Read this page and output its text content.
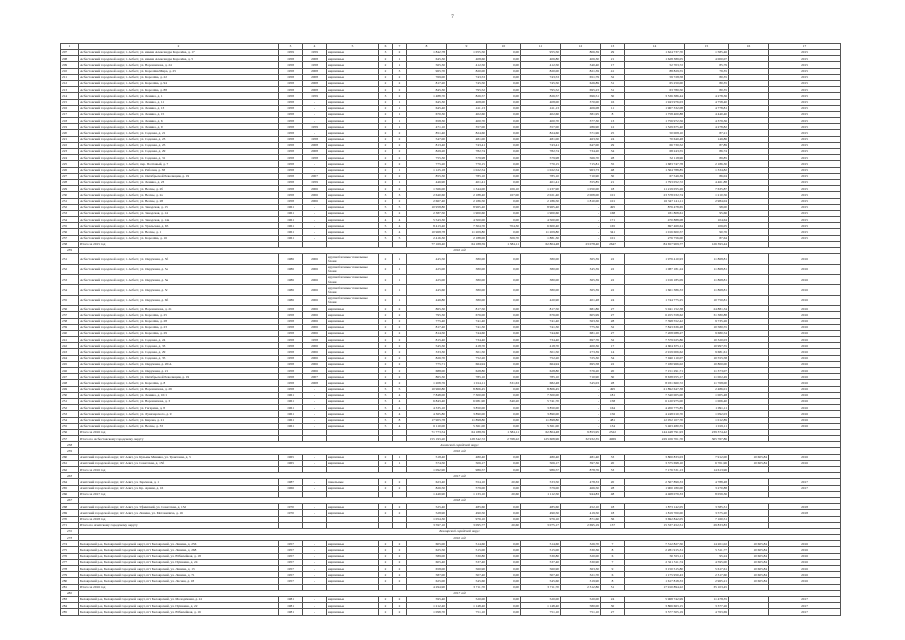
7
1	2	3	4	5	6	7	8	9	10	11	12	13	14	15	16	17
207	Асбестовский городской округ, г. Асбест, ул. имени Александра Королёва, д. 17	1959	1959	кирпичные	3	2	1 842,78	1 055,50	0,00	955,50	806,39	29	1 624 737,70	1 585,46		2015
208	Асбестовский городской округ, г. Асбест, ул. имени Александра Королёва, д. 5	1958	2008	кирпичные	2	1	645,30	408,60	0,00	406,80	406,30	21	1 628 389,05	4 000,07		2015
209	Асбестовский городской округ, г. Асбест, ул. Ворошилова, д. 24	1958	1958	кирпичные	2	1	565,30	412,50	0,00	412,50	340,40	17	52 703,72	85,79		2015
210	Асбестовский городской округ, г. Асбест, ул. Королёва/Мира, д. 25	1958	2008	кирпичные	2	3	965,70	820,00	0,00	820,00	821,39	41	88 829,55	79,35		2015
211	Асбестовский городской округ, г. Асбест, ул. Королёва, д. 22	1958	2008	кирпичные	2	2	769,00	743,53	0,00	743,53	651,79	32	59 728,58	80,35		2015
212	Асбестовский городской округ, г. Асбест, ул. Королёва, д. 94	1958	2008	кирпичные	2	2	817,20	745,50	0,00	745,50	626,89	31	65 250,00	80,35		2015
213	Асбестовский городской округ, г. Асбест, ул. Королёва, д. 88	1958	2008	кирпичные	2	2	845,30	795,52	0,00	795,52	695,23	31	63 780,50	80,35		2015
214	Асбестовский городской округ, г. Асбест, ул. Ленина, д. 1	1958	1959	кирпичные	3	2	1 488,70	826,57	0,00	826,57	696,51	30	3 536 386,44	4 278,36		2015
215	Асбестовский городской округ, г. Асбест, ул. Ленина, д. 11	1958	-	кирпичные	2	1	645,30	408,00	0,00	408,00	370,00	16	1 943 976,03	4 758,40		2015
216	Асбестовский городской округ, г. Асбест, ул. Ленина, д. 13	1958	-	кирпичные	2	1	645,40	411,13	0,00	411,13	406,08	11	1 967 332,08	4 778,81		2015
217	Асбестовский городской округ, г. Асбест, ул. Ленина, д. 15	1958	-	кирпичные	2	1	670,30	402,60	0,00	402,60	381,95	8	1 758 400,88	4 440,40		2015
218	Асбестовский городской округ, г. Асбест, ул. Ленина, д. 6	1958	-	кирпичные	2	1	658,30	400,70	0,00	400,70	377,30	13	1 756 972,56	4 379,36		2015
219	Асбестовский городской округ, г. Асбест, ул. Ленина, д. 9	1958	1959	кирпичные	2	1	471,10	357,00	0,00	357,00	286,90	12	1 529 675,40	4 278,82		2015
220	Асбестовский городской округ, г. Асбест, ул. Садовая, д. 21	1958	-	кирпичные	2	2	851,40	824,60	0,00	824,60	571,96	25	50 008,10	87,21		2015
221	Асбестовский городской округ, г. Асбест, ул. Садовая, д. 23	1958	1958	кирпичные	2	2	547,00	481,00	0,00	481,00	463,50	24	70 640,48	146,86		2015
222	Асбестовский городской округ, г. Асбест, ул. Садовая, д. 25	1958	2008	кирпичные	2	2	813,40	743,41	0,00	743,41	647,00	29	66 730,52	87,89		2015
223	Асбестовский городской округ, г. Асбест, ул. Садовая, д. 29	1958	2008	кирпичные	2	2	829,20	782,74	0,00	782,74	734,20	34	68 243,55	86,74		2015
224	Асбестовский городской округ, г. Асбест, ул. Садовая, д. 31	1958	1958	кирпичные	2	2	755,30	579,98	0,00	579,98	566,70	28	52 118,96	89,85		2015
225	Асбестовский городской округ, г. Асбест, пер. Почтовый, д. 7	1958	-	кирпичные	2	2	775,20	770,15	0,00	770,15	715,81	35	1 683 747,78	2 186,30		2015
226	Асбестовский городской округ, г. Асбест, ул. Рабочая, д. 38	1958	-	кирпичные	2	1	1 125,18	1 022,54	0,00	1 022,54	963,73	48	1 364 788,85	1 334,82		2015
227	Асбестовский городской округ, г. Асбест, ул. Октябрьской Революции, д. 19	1958	2007	кирпичные	2	2	855,30	785,10	0,00	785,10	710,90	30	67 546,39	86,04		2015
228	Асбестовский городской округ, г. Асбест, ул. Ленина, д. 23	1958	1959	кирпичные	2	1	446,90	401,41	0,00	401,41	355,85	21	1 793 052,72	4 461,88		2015
229	Асбестовский городской округ, г. Асбест, ул. Весны, д. 2б	1958	2006	кирпичные	2	2	1 566,00	1 344,00	106,10	1 237,90	1 050,00	18	11 219 055,26	7 635,87		2015
230	Асбестовский городской округ, г. Асбест, ул. Весны, д. 2а	1958	2006	кирпичные	3	3	2 640,60	2 188,40	167,00	2 021,40	2 008,00	101	23 578 032,74	1 210,56		2015
231	Асбестовский городской округ, г. Асбест, ул. Весны, д. 28	1958	2006	кирпичные	2	2	2 667,40	2 186,50	0,00	2 186,50	1 810,00	101	16 347 141,11	2 984,04		2015
232	Асбестовский городской округ, г. Асбест, ул. Заводская, д. 15	1961	-	кирпичные	5	5	10 958,80	8 965,40	0,00	8 965,40	-	495	876 478,65	98,00		2015
233	Асбестовский городской округ, г. Асбест, ул. Заводская, д. 14	1961	-	кирпичные	5	2	2 387,50	1 900,60	0,00	1 900,60	-	168	181 808,61	95,66		2015
234	Асбестовский городской округ, г. Асбест, ул. Заводская, д. 14а	1961	-	кирпичные	4	4	5 543,30	4 500,00	0,00	4 500,00	-	171	470 888,08	104,64		2015
235	Асбестовский городской округ, г. Асбест, ул. Уральская, д. 65	1961	-	кирпичные	5	4	8 413,40	7 304,70	704,30	6 600,40	-	165	697 469,64	106,05		2015
236	Асбестовский городской округ, г. Асбест, ул. Весны, д. 1	1961	-	кирпичные	5	4	10 968,78	11 209,80	0,00	11 209,80	-	341	1 016 600,57	90,76		2015
237	Асбестовский городской округ, г. Асбест, ул. Королёва, д. 16	1961	-	кирпичные	5	5	2 416,30	2 188,00	306,70	1 881,30	-	101	276 756,00	87,64		2015
238	Итого за 2015 год						77 169,40	64 188,59	1 384,11	62 804,48	23 078,40	2647	84 657 909,77	126 393,44		
239	2016 год															
231	Асбестовский городской округ, г. Асбест, ул. Окружная, д. 5б	1986	2006	крупноблочные/ панельные блоки	2	1	445,50	380,00	0,00	380,00	365,39	22	1 976 410,93	11 868,81		2016
232	Асбестовский городской округ, г. Асбест, ул. Окружная, д. 5а	1986	2006	крупноблочные/ панельные блоки	2	1	425,00	380,00	0,00	380,00	345,39	22	1 087 181,24	11 868,81		2016
233	Асбестовский городской округ, г. Асбест, ул. Окружная, д. 5в	1986	2006	крупноблочные/ панельные блоки	2	1	425,00	380,00	0,00	380,00	365,39	22	1 016 185,09	11 868,81		2016
234	Асбестовский городской округ, г. Асбест, ул. Окружная, д. 5г	1986	2006	крупноблочные/ панельные блоки	2	1	445,60	380,00	0,00	380,00	365,39	22	1 661 386,33	11 868,81		2016
235	Асбестовский городской округ, г. Асбест, ул. Окружная, д. 6б	1986	2006	крупноблочные/ панельные блоки	2	1	446,80	380,00	0,00	420,90	401,48	24	1 744 775,25	10 750,81		2016
236	Асбестовский городской округ, г. Асбест, ул. Ворошилова, д. 21	1958	2006	кирпичные	2	2	865,30	817,50	0,00	817,50	681,86	27	5 041 152,38	24 881,34		2016
237	Асбестовский городской округ, г. Асбест, ул. Королёва, д. 25	1958	2006	кирпичные	2	2	795,30	676,00	0,00	676,00	605,99	27	6 455 558,62	31 380,88		2016
238	Асбестовский городской округ, г. Асбест, ул. Королёва, д. 28	1958	2006	кирпичные	2	2	775,40	741,40	0,00	741,40	563,36	28	7 398 552,42	9 735,26		2016
239	Асбестовский городской округ, г. Асбест, ул. Королёва, д. 23	1958	2006	кирпичные	2	2	817,40	741,30	0,00	741,30	775,36	32	7 843 636,48	10 580,55		2016
240	Асбестовский городской округ, г. Асбест, ул. Королёва, д. 29	1958	2006	кирпичные	2	2	814,50	744,60	0,00	744,60	681,10	27	7 208 088,27	9 680,54		2016
241	Асбестовский городской округ, г. Асбест, ул. Садовая, д. 24	1958	1958	кирпичные	2	2	815,40	734,40	0,00	734,40	697,76	32	7 579 025,86	10 320,03		2016
242	Асбестовский городской округ, г. Асбест, ул. Садовая, д. 33	1958	2006	кирпичные	2	2	545,30	418,70	0,00	418,70	400,36	17	4 604 675,11	10 997,55		2016
243	Асбестовский городской округ, г. Асбест, ул. Садовая, д. 29	1958	2006	кирпичные	2	2	333,30	301,50	0,00	301,50	273,39	14	2 919 006,62	9 681,61		2016
244	Асбестовский городской округ, г. Асбест, ул. Садовая, д. 35	1958	2006	кирпичные	2	2	826,70	752,20	0,00	752,20	725,30	34	7 940 110,07	10 555,58		2016
245	Асбестовский городской округ, г. Асбест, ул. Окружная, д. 20/А	1958	2006	кирпичные	2	2	775,71	664,94	0,00	664,94	695,58	22	7 180 966,02	10 800,00		2016
246	Асбестовский городской округ, г. Асбест, ул. Окружная, д. 21	1958	2006	кирпичные	2	2	688,00	628,80	0,00	628,80	576,20	20	7 151 291,71	11 373,07		2016
247	Асбестовский городской округ, г. Асбест, ул. Октябрьской Революции, д. 19	1958	2007	кирпичные	2	2	865,30	785,10	0,00	785,10	710,90	30	8 638 055,17	11 002,49		2016
248	Асбестовский городской округ, г. Асбест, ул. Королёва, д. 8	1958	2008	кирпичные	2	2	1 208,76	1 014,11	331,63	682,48	545,03	28	8 031 660,72	11 768,00		2016
249	Асбестовский городской округ, г. Асбест, ул. Ворошилова, д. 29	1958	-	кирпичные	5	5	10 960,80	8 806,45	0,00	8 806,45	-	495	21 892 647,38	2 486,01		2016
250	Асбестовский городской округ, г. Асбест, ул. Ленина, д. 10/1	1961	-	кирпичные	5	4	7 848,00	7 300,00	0,00	7 300,00	-	181	7 340 005,00	1 005,48		2016
251	Асбестовский городской округ, г. Асбест, ул. Ворошилова, д. 3	1961	-	кирпичные	5	4	6 843,40	6 081,90	340,20	5 741,70	-	158	6 120 975,00	1 006,40		2016
252	Асбестовский городской округ, г. Асбест, ул. Гагарина, д. 8	1961	-	кирпичные	5	4	4 335,10	3 850,00	0,00	3 850,00	-	164	4 200 775,85	1 091,11		2016
253	Асбестовский городской округ, г. Асбест, ул. Луначарского, д. 9	1961	-	кирпичные	5	4	4 365,80	3 890,00	0,00	3 890,00	-	156	4 248 010,70	1 092,03		2016
254	Асбестовский городской округ, г. Асбест, ул. Кирова, д. 21	1961	-	кирпичные	5	8	17 905,78	11 898,80	0,00	11 898,80	-	481	12 052 107,70	1 012,89		2016
255	Асбестовский городской округ, г. Асбест, ул. Весны, д. 33	1961	-	кирпичные	5	4	6 110,00	5 361,00	0,00	5 361,00	-	134	5 463 480,55	1 019,11		2016
256	Итого за 2016 год						71 773,54	64 188,59	1 384,11	62 804,48	9 853,95	2322	144 448 791,93	239 374,42		
257	Итого по Асбестовскому городскому округу						155 193,20	128 342,72	2 768,22	125 608,96	32 932,35	4969	229 106 701,70	365 767,86		
258	Ачитский городской округ															
259	2016 год															
260	Ачитский городской округ, пгт Ачит, ул. Кузьмы Минина, ул. Трактовая, д. 5	1965	-	кирпичные	2	1	518,40	480,40	0,00	480,40	481,40	33	3 800 833,03	7 912,00	10 605,84	2016
261	Ачитский городской округ, пгт Ачит, ул. Советская, д. 15б	1965	-	кирпичные	2	1	574,50	506,17	0,00	506,17	397,36	20	3 375 698,10	6 701,96	10 605,84	2016
262	Итого за 2016 год						1 092,90	986,57	0,00	986,57	878,76	53	7 176 531,13	14 613,96		
263	2017 год															
264	Ачитский городской округ, пгт Ачит, ул. Заречная, д. 1	1987	-	панельные	2	2	623,40	554,10	20,60	533,50	478,33	20	2 567 899,33	4 788,48		2017
265	Ачитский городской округ, пгт Ачит, ул. Кр. Армии, д. 16	1966	-	кирпичные	2	2	826,50	579,00	0,00	579,00	466,50	28	1 900 180,00	3 270,88		2017
266	Итого за 2017 год						1 449,90	1 133,10	20,60	1 112,50	944,83	48	4 468 079,33	8 059,36		
267	2018 год															
268	Ачитский городской округ, пгт Ачит, ул. Уфимский, ул. Советская, д. 152	1970	-	кирпичные	2	2	525,40	485,60	0,00	485,60	452,10	18	1 873 142,05	3 585,31		2018
269	Ачитский городской округ, пгт Ачит, ул. Ленина, ул. Мотовилиха, д. 16	1970	-	кирпичные	2	2	528,90	490,50	0,00	490,50	419,50	18	1 819 700,00	3 575,20		2018
270	Итого за 2018 год						1 054,30	976,10	0,00	976,10	871,60	36	3 692 842,05	7 160,51		
271	Итого по Ачитскому городскому округу						3 597,10	3 095,77	20,60	3 075,17	2 695,19	137	15 337 452,51	29 833,83		
272	Белоярский городской округ															
273	2016 год															
274	Белоярский р-н, Белоярский городской округ, пгт Белоярский, ул. Ленина, д. 256	1957	-	кирпичные	2	2	605,00	514,60	0,00	514,60	326,70	7	7 312 827,50	14 201,02	10 605,84	2016
275	Белоярский р-н, Белоярский городской округ, пгт Белоярский, ул. Ленина, д. 268	1957	-	кирпичные	2	2	625,50	515,00	0,00	515,00	330,36	8	2 281 915,31	5 311,77	10 605,84	2016
276	Белоярский р-н, Белоярский городской округ, пгт Белоярский, ул. Юбилейная, д. 18	1957	-	кирпичные	2	2	589,00	530,80	0,00	530,80	320,00	6	50 555,11	95,24	10 605,84	2016
277	Белоярский р-н, Белоярский городской округ, пгт Белоярский, ул. Пушкина, д. 24	1957	-	кирпичные	2	2	605,40	537,40	0,00	537,40	330,90	7	2 321 311,74	4 595,00	10 605,84	2016
278	Белоярский р-н, Белоярский городской округ, пгт Белоярский, ул. Ленина, д. 13	1957	-	кирпичные	2	2	658,00	560,90	0,00	560,90	363,30	9	3 150 515,80	5 617,61	10 605,84	2016
279	Белоярский р-н, Белоярский городской округ, пгт Белоярский, ул. Ленина, д. 71	1957	-	кирпичные	2	2	587,00	507,40	0,00	507,40	321,70	6	1 175 950,43	2 317,60	10 605,84	2016
280	Белоярский р-н, Белоярский городской округ, пгт Белоярский, ул. Лесная, д. 18	1957	-	кирпичные	2	2	625,00	545,60	0,00	545,60	319,90	8	1 617 818,33	2 965,21	10 605,84	2016
281	Итого за 2016 год						4 294,90	3 711,70	0,00	3 711,70	2 312,86	51	17 910 894,22	35 103,45		
282	2017 год															
283	Белоярский р-н, Белоярский городской округ, пгт Белоярский, ул. Молодёжная, д. 41	1981	-	кирпичные	2	2	595,40	520,00	0,00	520,00	520,00	24	5 968 742,99	11 478,35		2017
284	Белоярский р-н, Белоярский городской округ, пгт Белоярский, ул. Пушкина, д. 22	1981	-	кирпичные	2	2	1 212,40	1 148,40	0,00	1 148,40	580,00	30	3 866 663,15	3 377,26		2017
285	Белоярский р-н, Белоярский городской округ, пгт Белоярский, ул. Юбилейная, д. 16	1981	-	кирпичные	2	2	1 098,70	751,10	0,00	751,10	751,10	27	3 577 505,19	4 763,69		2017
